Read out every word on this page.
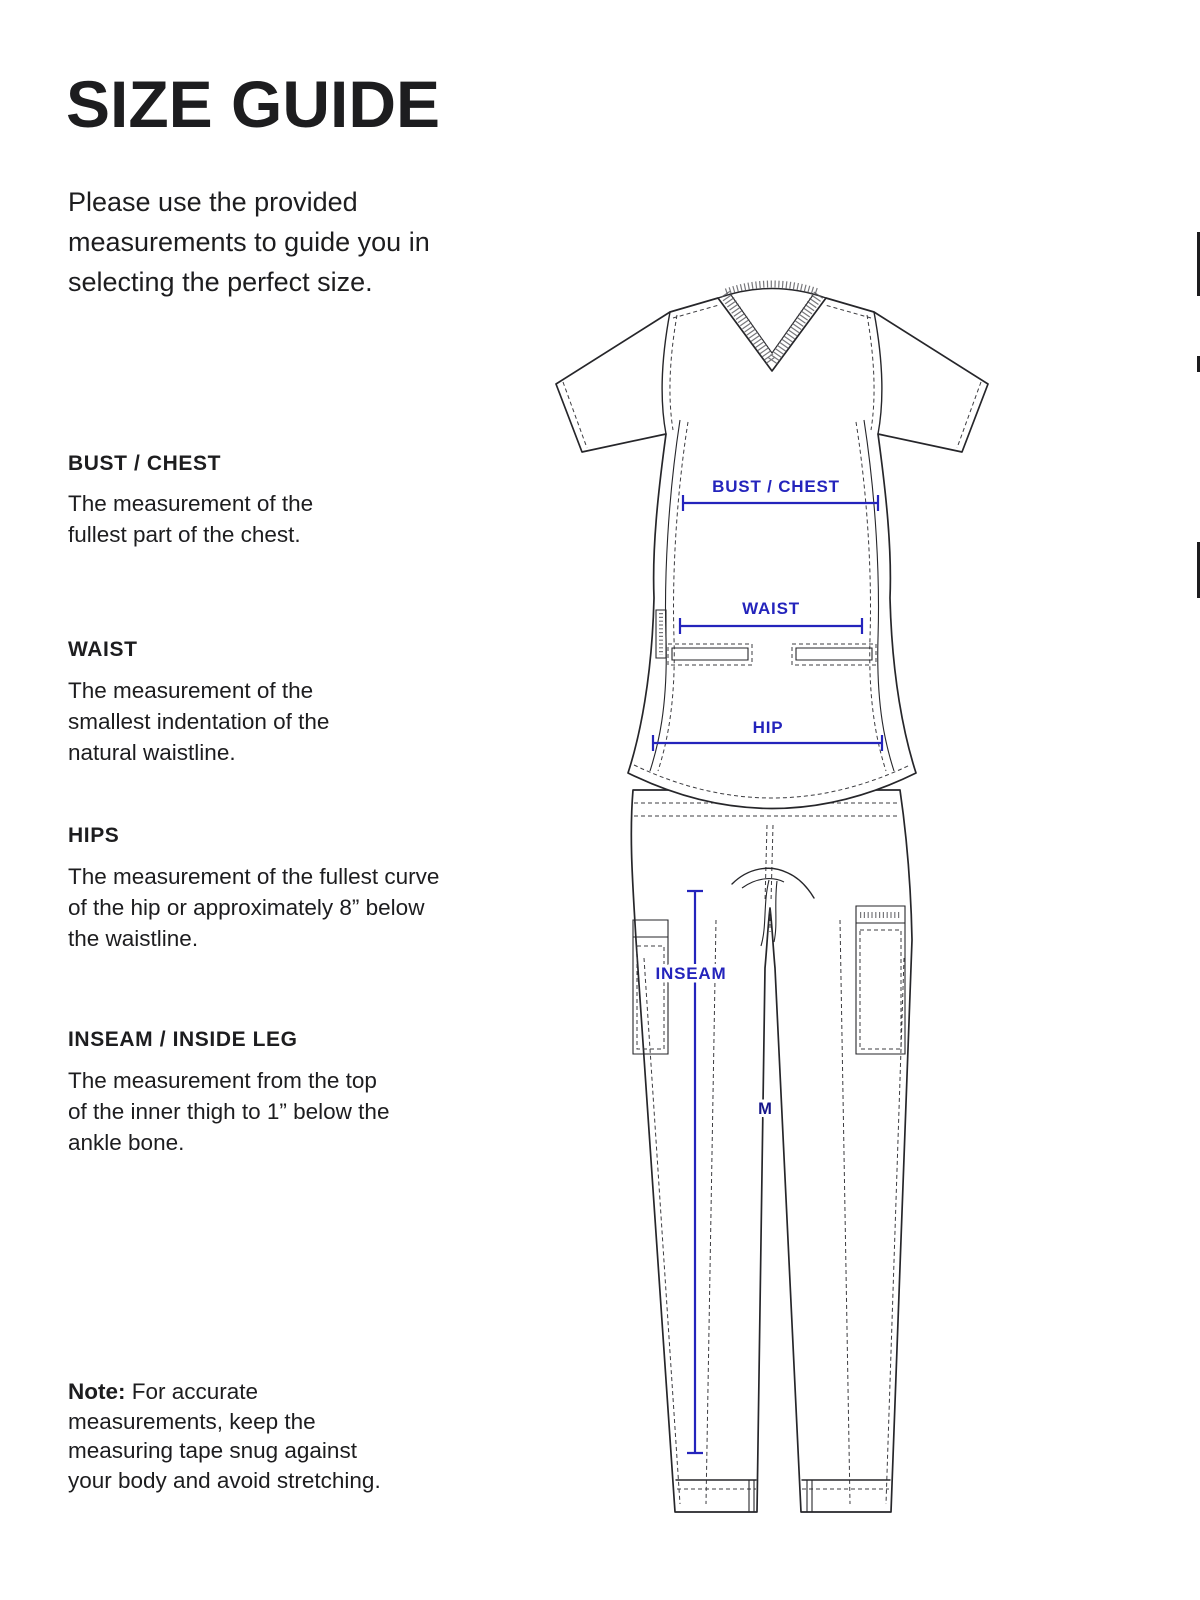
SIZE GUIDE
Please use the provided measurements to guide you in selecting the perfect size.
BUST / CHEST
The measurement of the fullest part of the chest.
WAIST
The measurement of the smallest indentation of the natural waistline.
HIPS
The measurement of the fullest curve of the hip or approximately 8” below the waistline.
INSEAM / INSIDE LEG
The measurement from the top of the inner thigh to 1” below the ankle bone.
Note: For accurate
measurements, keep the
measuring tape snug against
your body and avoid stretching.
BUST / CHEST
WAIST
HIP
INSEAM
M
